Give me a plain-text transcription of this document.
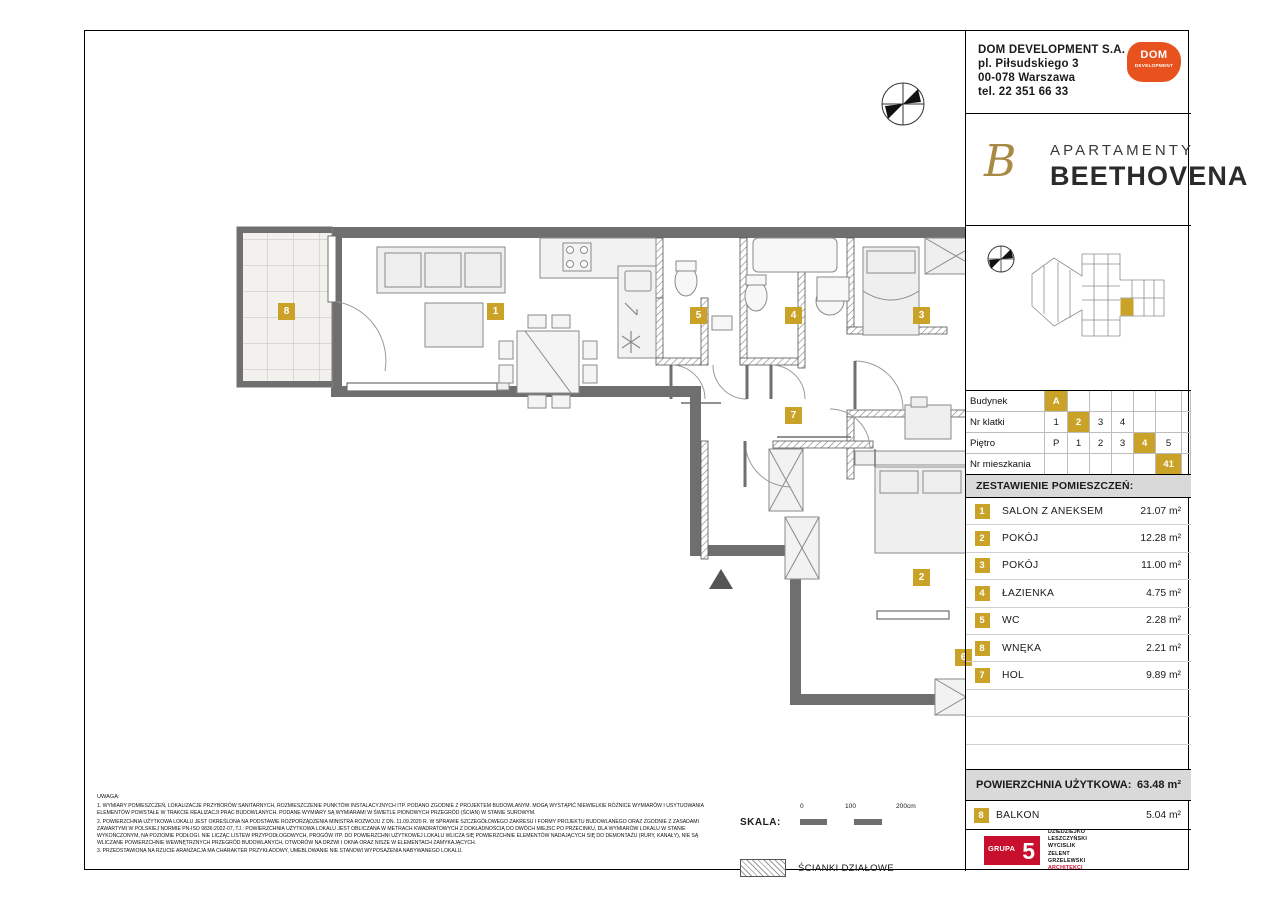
8	1	5	4	3
7
2
6
UWAGA:

1. WYMIARY POMIESZCZEŃ, LOKALIZACJE PRZYBORÓW SANITARNYCH, ROZMIESZCZENIE PUNKTÓW INSTALACYJNYCH ITP. PODANO ZGODNIE Z PROJEKTEM BUDOWLANYM. MOGĄ WYSTĄPIĆ NIEWIELKIE RÓŻNICE WYMIARÓW I USYTUOWANIA ELEMENTÓW POWSTAŁE W TRAKCIE REALIZACJI PRAC BUDOWLANYCH. PODANE WYMIARY SĄ WYMIARAMI W ŚWIETLE PIONOWYCH PRZEGRÓD (ŚCIAN) W STANIE SUROWYM.

2. POWIERZCHNIA UŻYTKOWA LOKALU JEST OKREŚLONA NA PODSTAWIE ROZPORZĄDZENIA MINISTRA ROZWOJU Z DN. 11.09.2020 R. W SPRAWIE SZCZEGÓŁOWEGO ZAKRESU I FORMY PROJEKTU BUDOWLANEGO ORAZ ZGODNIE Z ZASADAMI ZAWARTYMI W POLSKIEJ NORMIE PN-ISO 9836:2022-07, TJ.: POWIERZCHNIA UŻYTKOWA LOKALU JEST OBLICZANA W METRACH KWADRATOWYCH Z DOKŁADNOŚCIĄ DO DWÓCH MIEJSC PO PRZECINKU, DLA WYMIARÓW LOKALU W STANIE WYKOŃCZONYM, NA POZIOMIE PODŁOGI. NIE LICZĄC LISTEW PRZYPODŁOGOWYCH, PROGÓW ITP. DO POWIERZCHNI UŻYTKOWEJ LOKALU WLICZA SIĘ POWIERZCHNIE ELEMENTÓW NADAJĄCYCH SIĘ DO DEMONTAŻU (RURY, KANAŁY), NIE SĄ WLICZANE POWIERZCHNIE WEWNĘTRZNYCH PRZEGRÓD BUDOWLANYCH, OTWORÓW NA DRZWI I OKNA ORAZ NISZE W ELEMENTACH ZAMYKAJĄCYCH.

3. PRZEDSTAWIONA NA RZUCIE ARANŻACJA MA CHARAKTER PRZYKŁADOWY, UMEBLOWANIE NIE STANOWI WYPOSAŻENIA NABYWANEGO LOKALU.

SKALA:
0	100	200cm
ŚCIANKI DZIAŁOWE
DOM DEVELOPMENT S.A.
pl. Piłsudskiego 3
00-078 Warszawa
tel. 22 351 66 33
DOM
DEVELOPMENT
B APARTAMENTY
BEETHOVENA
Budynek	A						
Nr klatki	1	2	3	4			
Piętro	P	1	2	3	4	5	
Nr mieszkania						41	
ZESTAWIENIE POMIESZCZEŃ:
1	SALON Z ANEKSEM	21.07 m²
2	POKÓJ	12.28 m²
3	POKÓJ	11.00 m²
4	ŁAZIENKA	4.75 m²
5	WC	2.28 m²
8	WNĘKA	2.21 m²
7	HOL	9.89 m²

POWIERZCHNIA UŻYTKOWA: 63.48 m²
8	BALKON	5.04 m²
GRUPA 5
DZIEDZIEJKO
LESZCZYŃSKI
WYCISLIK
ZELENT
GRZELEWSKI
ARCHITEKCI
